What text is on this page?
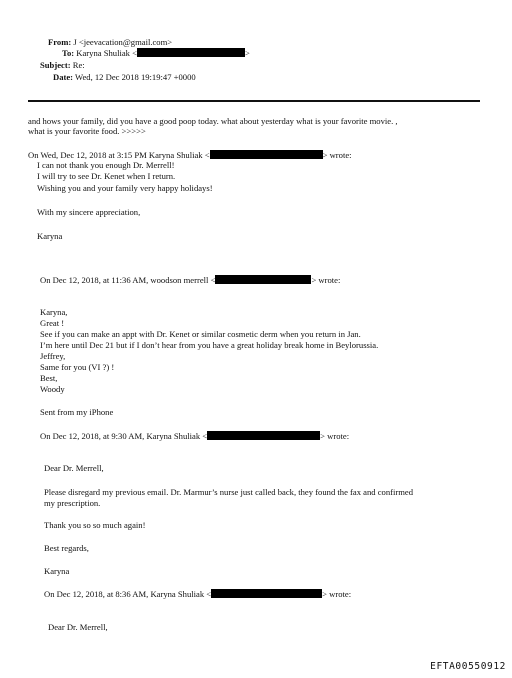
From: J <jeevacation@gmail.com>
To: Karyna Shuliak <	>
Subject: Re:
Date: Wed, 12 Dec 2018 19:19:47 +0000
and hows your family, did you have a good poop today. what about yesterday what is your favorite movie. ,
what is your favorite food. >>>>>
On Wed, Dec 12, 2018 at 3:15 PM Karyna Shuliak <	> wrote:
I can not thank you enough Dr. Merrell!
I will try to see Dr. Kenet when I return.
Wishing you and your family very happy holidays!
With my sincere appreciation,
Karyna
On Dec 12, 2018, at 11:36 AM, woodson merrell <	> wrote:
Karyna,
Great !
See if you can make an appt with Dr. Kenet or similar cosmetic derm when you return in Jan.
I’m here until Dec 21 but if I don’t hear from you have a great holiday break home in Beylorussia.
Jeffrey,
Same for you (VI ?) !
Best,
Woody
Sent from my iPhone
On Dec 12, 2018, at 9:30 AM, Karyna Shuliak <	> wrote:
Dear Dr. Merrell,
Please disregard my previous email. Dr. Marmur’s nurse just called back, they found the fax and confirmed
my prescription.
Thank you so so much again!
Best regards,
Karyna
On Dec 12, 2018, at 8:36 AM, Karyna Shuliak <	> wrote:
Dear Dr. Merrell,
EFTA00550912
